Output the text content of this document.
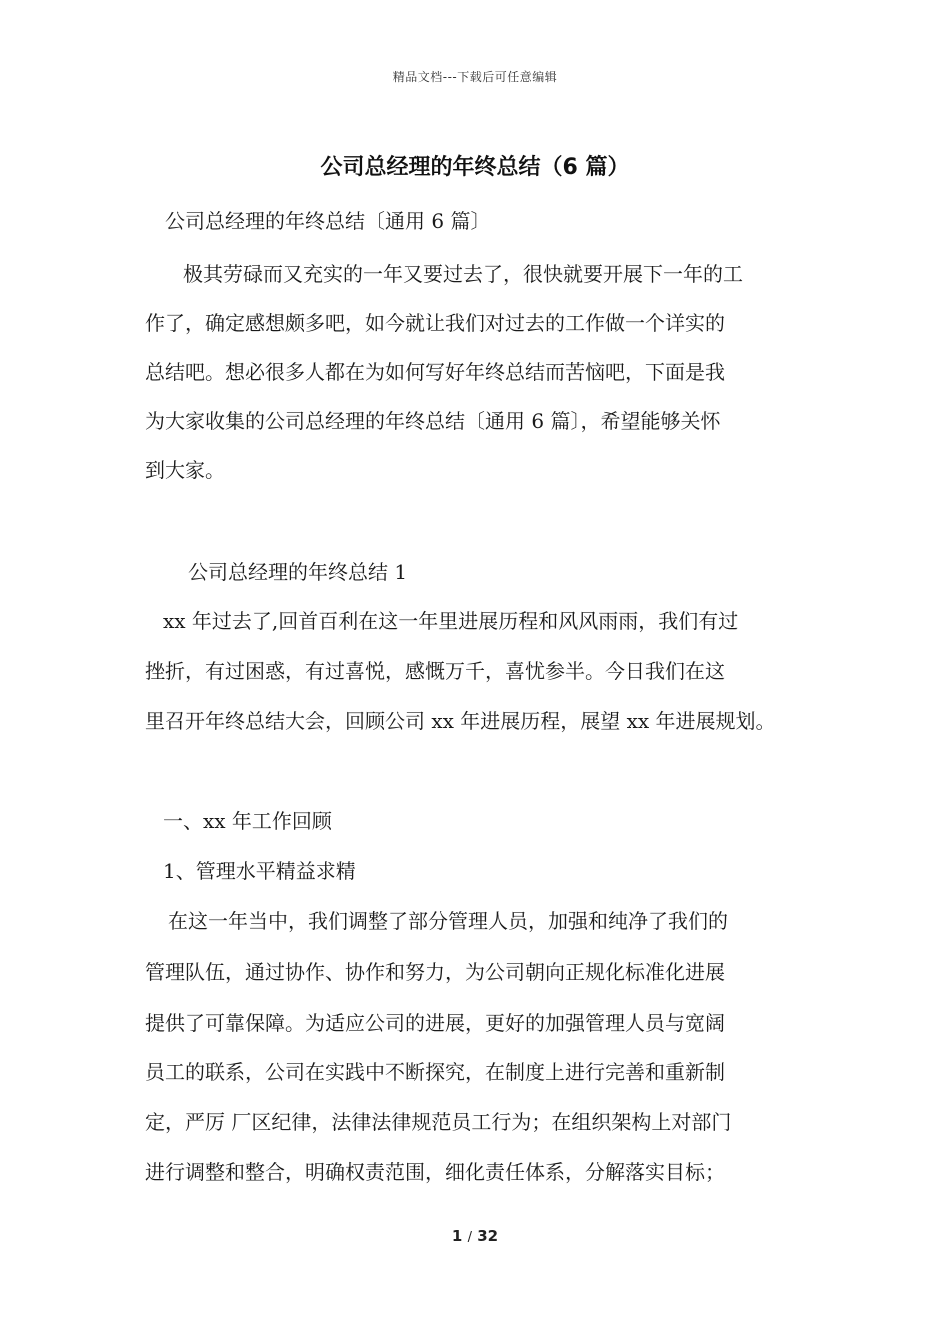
精品文档---下载后可任意编辑
公司总经理的年终总结（6 篇）
公司总经理的年终总结〔通用 6 篇〕
极其劳碌而又充实的一年又要过去了，很快就要开展下一年的工
作了，确定感想颇多吧，如今就让我们对过去的工作做一个详实的
总结吧。想必很多人都在为如何写好年终总结而苦恼吧，下面是我
为大家收集的公司总经理的年终总结〔通用 6 篇〕，希望能够关怀
到大家。
公司总经理的年终总结 1
xx 年过去了,回首百利在这一年里进展历程和风风雨雨，我们有过
挫折，有过困惑，有过喜悦，感慨万千，喜忧参半。今日我们在这
里召开年终总结大会，回顾公司 xx 年进展历程，展望 xx 年进展规划。
一、xx 年工作回顾
1、管理水平精益求精
在这一年当中，我们调整了部分管理人员，加强和纯净了我们的
管理队伍，通过协作、协作和努力，为公司朝向正规化标准化进展
提供了可靠保障。为适应公司的进展，更好的加强管理人员与宽阔
员工的联系，公司在实践中不断探究，在制度上进行完善和重新制
定，严厉 厂区纪律，法律法律规范员工行为；在组织架构上对部门
进行调整和整合，明确权责范围，细化责任体系，分解落实目标；
1 / 32
